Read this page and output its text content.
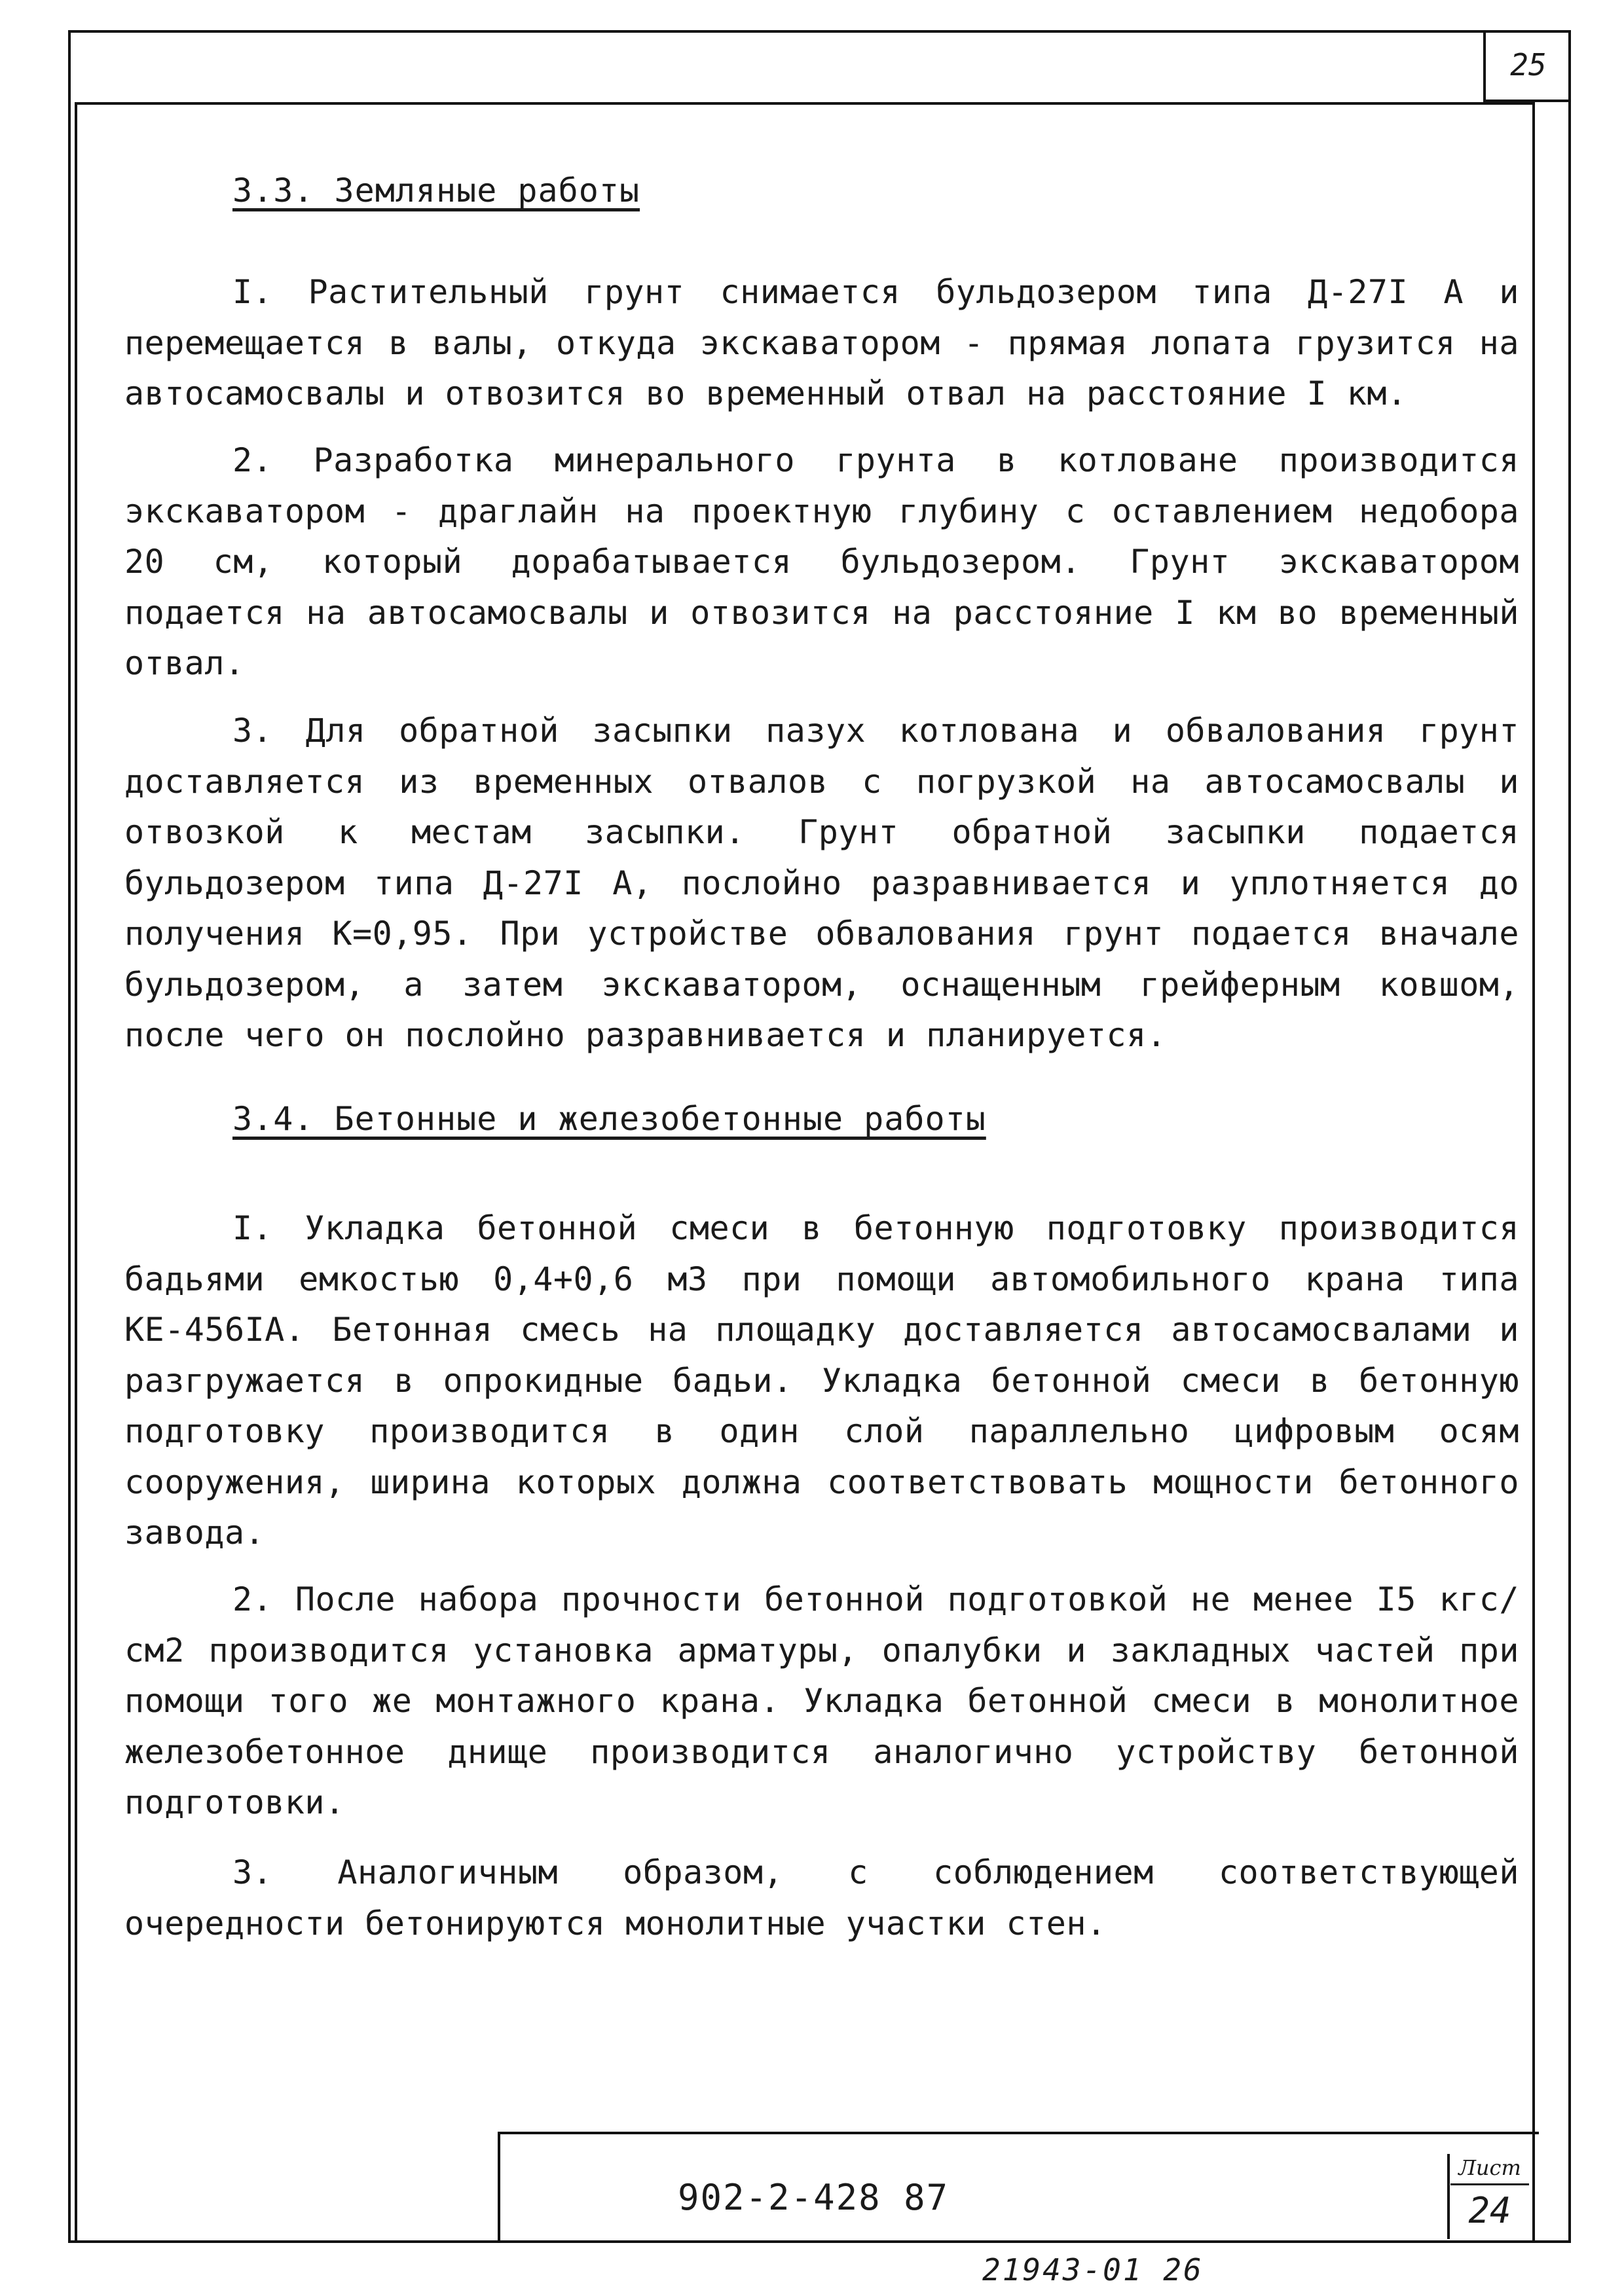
25
3.3. Земляные работы
I. Растительный грунт снимается бульдозером типа Д-27I А и перемещается в валы, откуда экскаватором - прямая лопата грузится на автосамосвалы и отвозится во временный отвал на расстояние I км.
2. Разработка минерального грунта в котловане производится экскаватором - драглайн на проектную глубину с оставлением недобора 20 см, который дорабатывается бульдозером. Грунт экскаватором подается на автосамосвалы и отвозится на расстояние I км во временный отвал.
3. Для обратной засыпки пазух котлована и обвалования грунт доставляется из временных отвалов с погрузкой на автосамосвалы и отвозкой к местам засыпки. Грунт обратной засыпки подается бульдозером типа Д-27I А, послойно разравнивается и уплотняется до получения К=0,95. При устройстве обвалования грунт подается вначале бульдозером, а затем экскаватором, оснащенным грейферным ковшом, после чего он послойно разравнивается и планируется.
3.4. Бетонные и железобетонные работы
I. Укладка бетонной смеси в бетонную подготовку производится бадьями емкостью 0,4+0,6 м3 при помощи автомобильного крана типа КЕ-456IА. Бетонная смесь на площадку доставляется автосамосвалами и разгружается в опрокидные бадьи. Укладка бетонной смеси в бетонную подготовку производится в один слой параллельно цифровым осям сооружения, ширина которых должна соответствовать мощности бетонного завода.
2. После набора прочности бетонной подготовкой не менее I5 кгс/см2 производится установка арматуры, опалубки и закладных частей при помощи того же монтажного крана. Укладка бетонной смеси в монолитное железобетонное днище производится аналогично устройству бетонной подготовки.
3. Аналогичным образом, с соблюдением соответствующей очередности бетонируются монолитные участки стен.
902-2-428 87
Лист
24
21943-01 26
